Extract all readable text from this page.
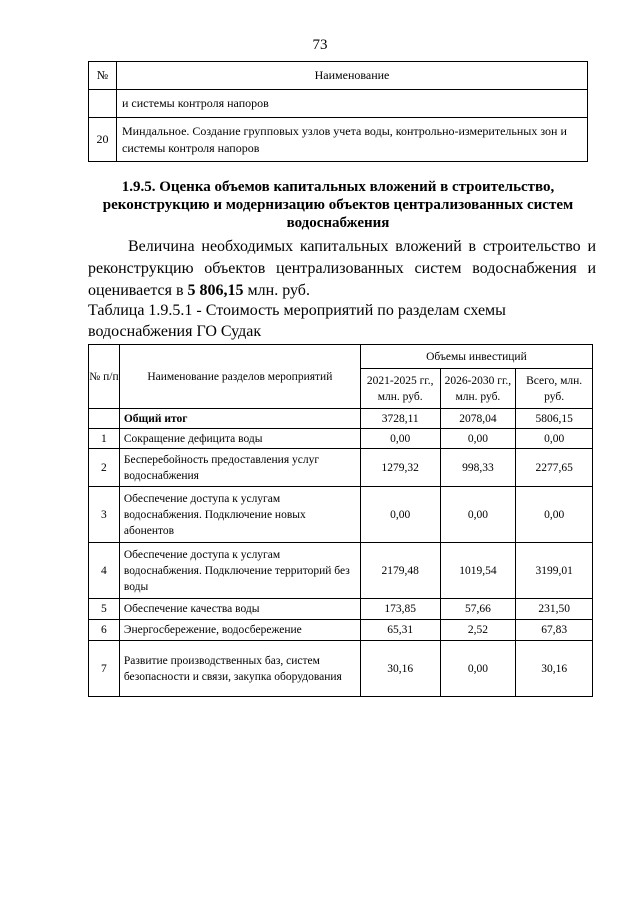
73
№	Наименование
	и системы контроля напоров
20	Миндальное. Создание групповых узлов учета воды, контрольно-измерительных зон и системы контроля напоров
1.9.5. Оценка объемов капитальных вложений в строительство, реконструкцию и модернизацию объектов централизованных систем водоснабжения
Величина необходимых капитальных вложений в строительство и реконструкцию объектов централизованных систем водоснабжения и оценивается в 5 806,15 млн. руб.
Таблица 1.9.5.1 - Стоимость мероприятий по разделам схемы водоснабжения ГО Судак
№ п/п	Наименование разделов мероприятий	Объемы инвестиций		
		2021-2025 гг., млн. руб.	2026-2030 гг., млн. руб.	Всего, млн. руб.
	Общий итог	3728,11	2078,04	5806,15
1	Сокращение дефицита воды	0,00	0,00	0,00
2	Бесперебойность предоставления услуг водоснабжения	1279,32	998,33	2277,65
3	Обеспечение доступа к услугам водоснабжения. Подключение новых абонентов	0,00	0,00	0,00
4	Обеспечение доступа к услугам водоснабжения. Подключение территорий без воды	2179,48	1019,54	3199,01
5	Обеспечение качества воды	173,85	57,66	231,50
6	Энергосбережение, водосбережение	65,31	2,52	67,83
7	Развитие производственных баз, систем безопасности и связи, закупка оборудования	30,16	0,00	30,16
